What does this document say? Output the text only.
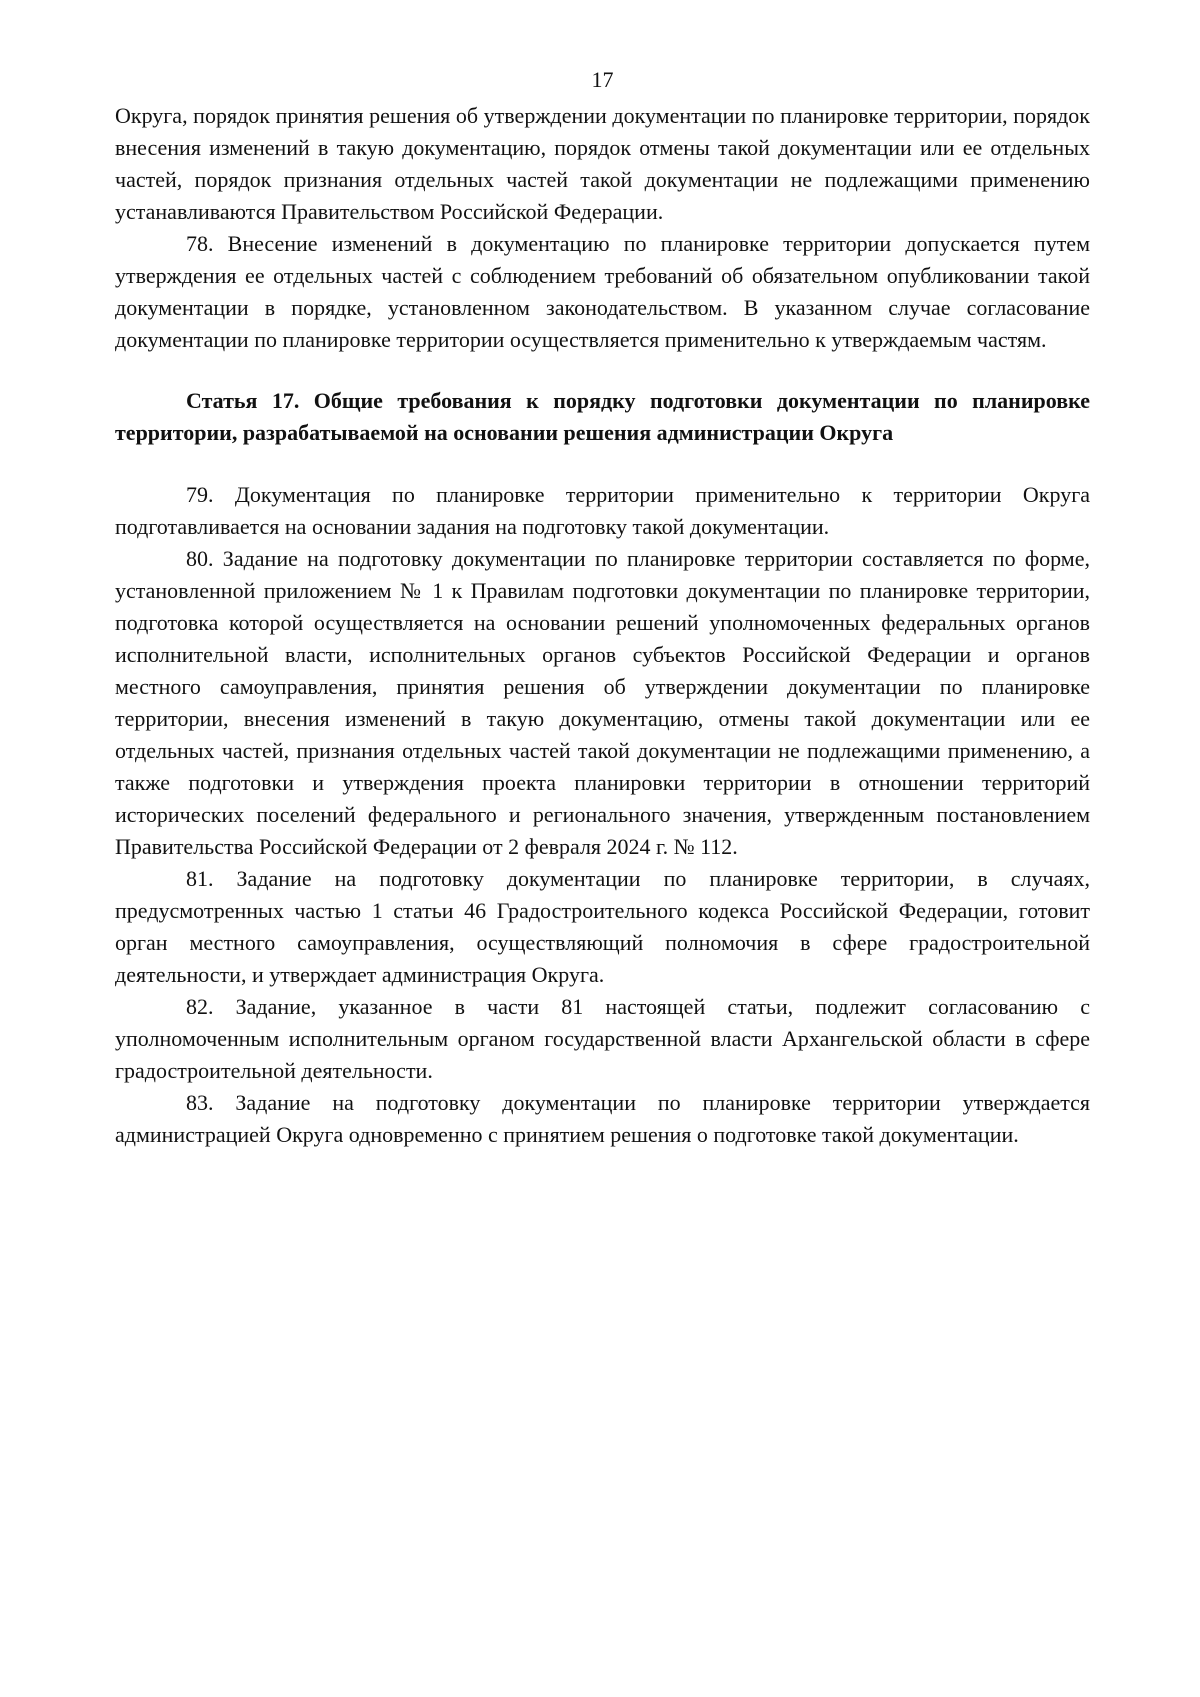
17

Округа, порядок принятия решения об утверждении документации по планировке территории, порядок внесения изменений в такую документацию, порядок отмены такой документации или ее отдельных частей, порядок признания отдельных частей такой документации не подлежащими применению устанавливаются Правительством Российской Федерации.

78. Внесение изменений в документацию по планировке территории допускается путем утверждения ее отдельных частей с соблюдением требований об обязательном опубликовании такой документации в порядке, установленном законодательством. В указанном случае согласование документации по планировке территории осуществляется применительно к утверждаемым частям.

Статья 17. Общие требования к порядку подготовки документации по планировке территории, разрабатываемой на основании решения администрации Округа

79. Документация по планировке территории применительно к территории Округа подготавливается на основании задания на подготовку такой документации.

80. Задание на подготовку документации по планировке территории составляется по форме, установленной приложением № 1 к Правилам подготовки документации по планировке территории, подготовка которой осуществляется на основании решений уполномоченных федеральных органов исполнительной власти, исполнительных органов субъектов Российской Федерации и органов местного самоуправления, принятия решения об утверждении документации по планировке территории, внесения изменений в такую документацию, отмены такой документации или ее отдельных частей, признания отдельных частей такой документации не подлежащими применению, а также подготовки и утверждения проекта планировки территории в отношении территорий исторических поселений федерального и регионального значения, утвержденным постановлением Правительства Российской Федерации от 2 февраля 2024 г. № 112.

81. Задание на подготовку документации по планировке территории, в случаях, предусмотренных частью 1 статьи 46 Градостроительного кодекса Российской Федерации, готовит орган местного самоуправления, осуществляющий полномочия в сфере градостроительной деятельности, и утверждает администрация Округа.

82. Задание, указанное в части 81 настоящей статьи, подлежит согласованию с уполномоченным исполнительным органом государственной власти Архангельской области в сфере градостроительной деятельности.

83. Задание на подготовку документации по планировке территории утверждается администрацией Округа одновременно с принятием решения о подготовке такой документации.
